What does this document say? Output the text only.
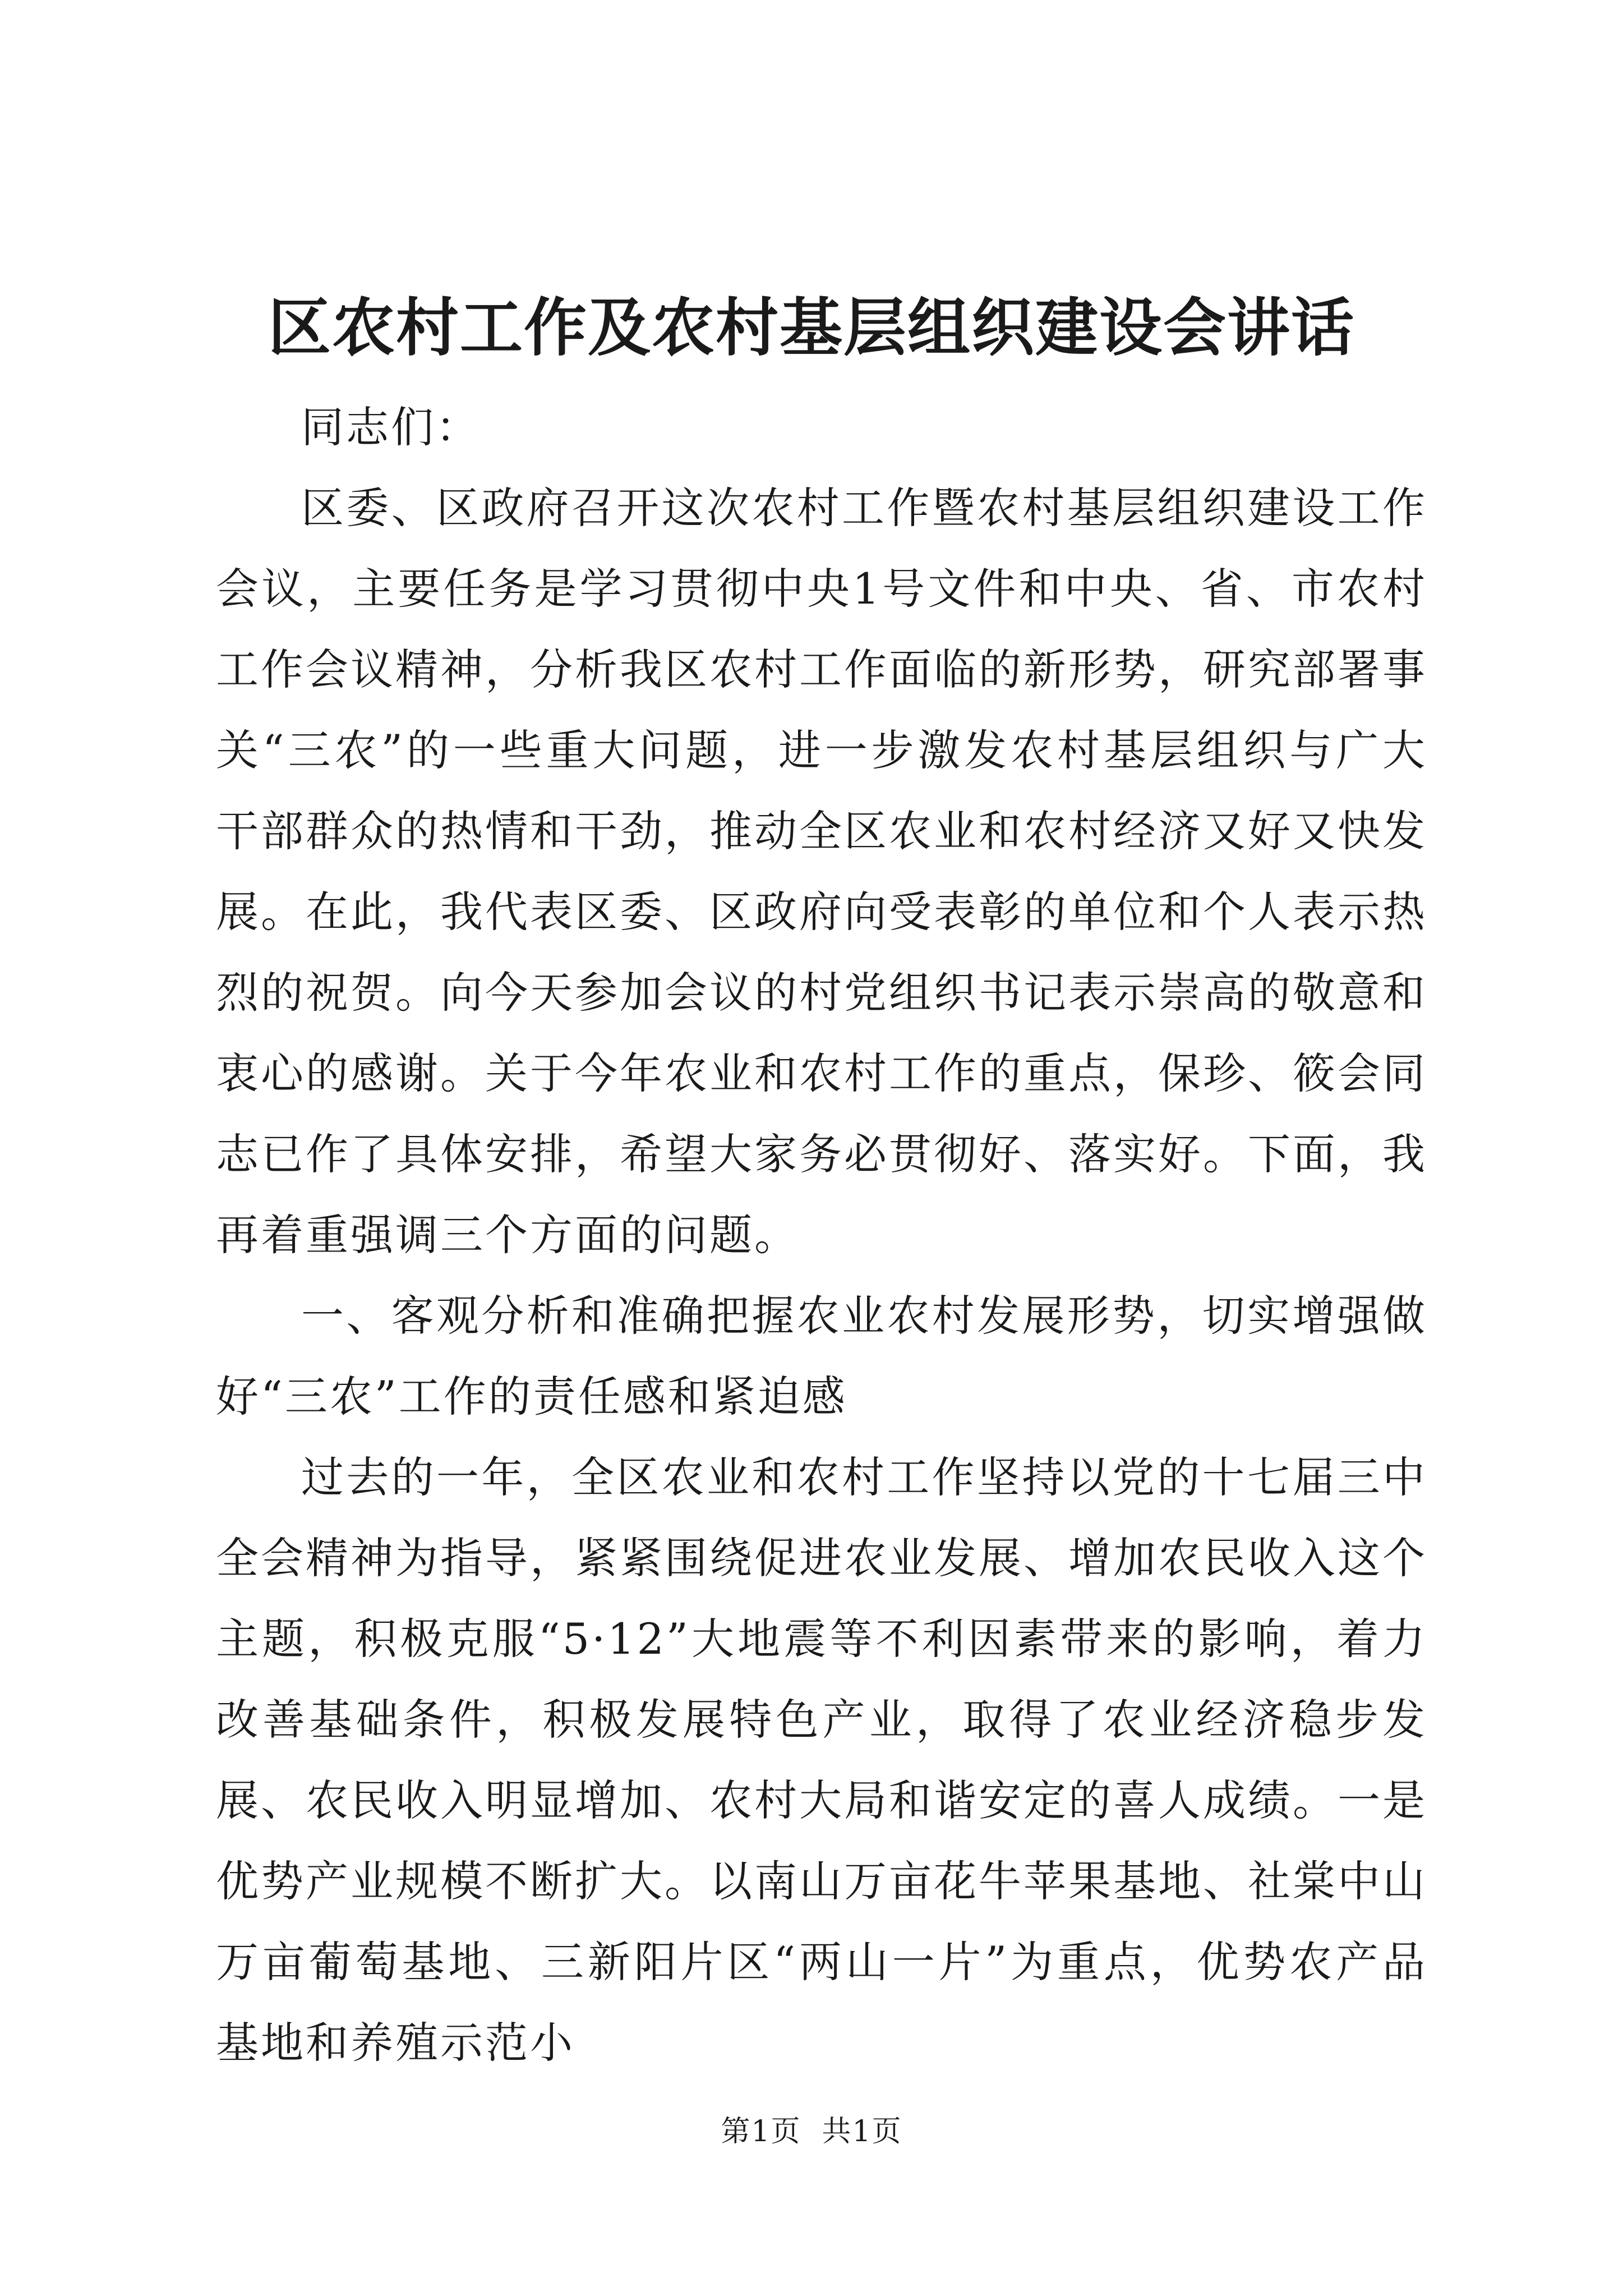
区农村工作及农村基层组织建设会讲话

同志们：

区委、区政府召开这次农村工作暨农村基层组织建设工作会议，主要任务是学习贯彻中央1号文件和中央、省、市农村工作会议精神，分析我区农村工作面临的新形势，研究部署事关“三农”的一些重大问题，进一步激发农村基层组织与广大干部群众的热情和干劲，推动全区农业和农村经济又好又快发展。在此，我代表区委、区政府向受表彰的单位和个人表示热烈的祝贺。向今天参加会议的村党组织书记表示崇高的敬意和衷心的感谢。关于今年农业和农村工作的重点，保珍、筱会同志已作了具体安排，希望大家务必贯彻好、落实好。下面，我再着重强调三个方面的问题。

一、客观分析和准确把握农业农村发展形势，切实增强做好“三农”工作的责任感和紧迫感

过去的一年，全区农业和农村工作坚持以党的十七届三中全会精神为指导，紧紧围绕促进农业发展、增加农民收入这个主题，积极克服“5·12”大地震等不利因素带来的影响，着力改善基础条件，积极发展特色产业，取得了农业经济稳步发展、农民收入明显增加、农村大局和谐安定的喜人成绩。一是优势产业规模不断扩大。以南山万亩花牛苹果基地、社棠中山万亩葡萄基地、三新阳片区“两山一片”为重点，优势农产品基地和养殖示范小

第1页  共1页
